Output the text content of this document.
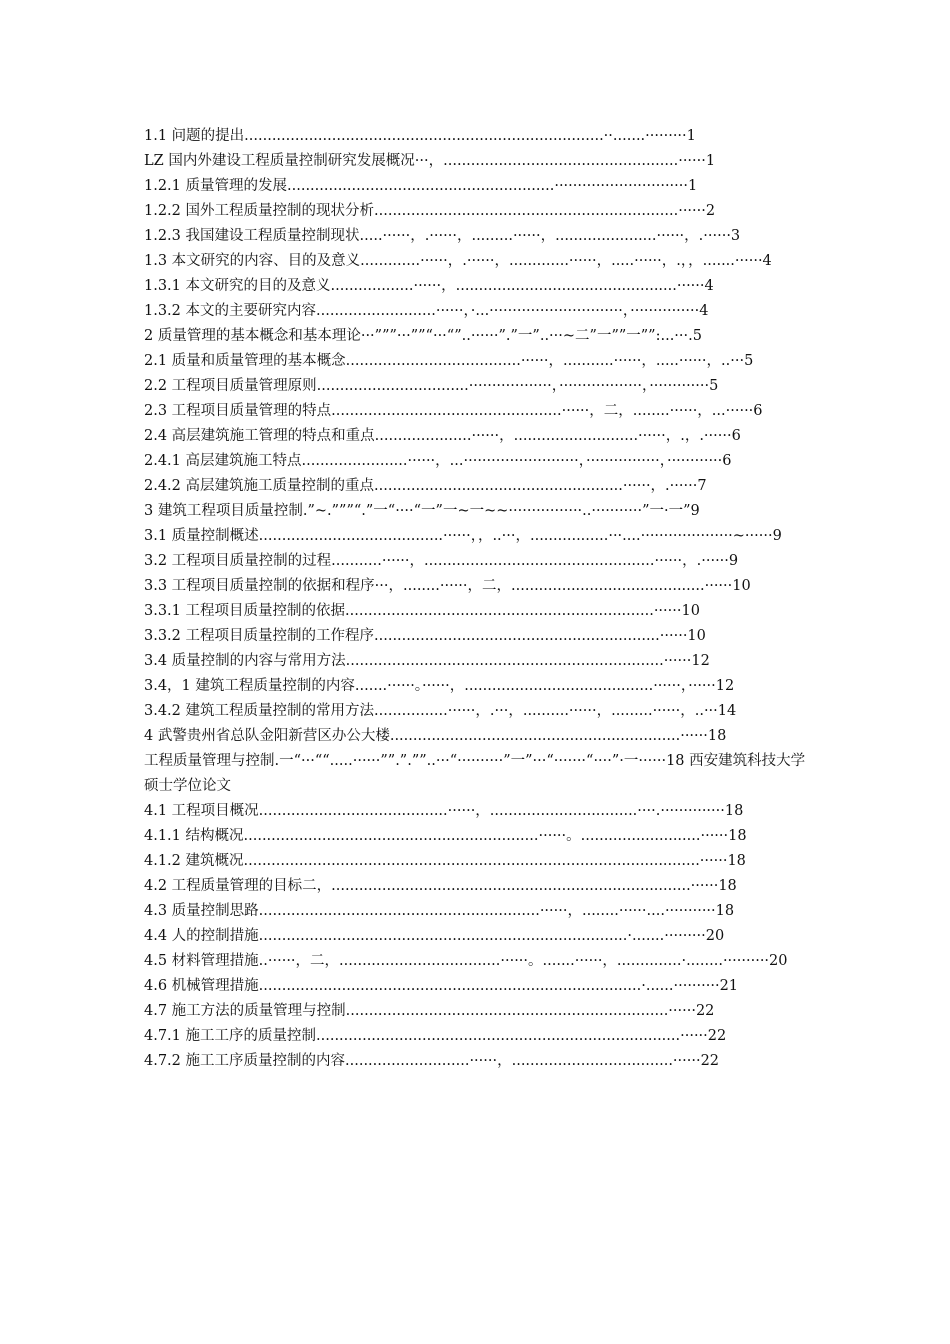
1.1 问题的提出..............................................................................··.......·········1

LZ 国内外建设工程质量控制研究发展概况···，...................................................······1

1.2.1 质量管理的发展..........................................................·····························1

1.2.2 国外工程质量控制的现状分析..................................................................······2

1.2.3 我国建设工程质量控制现状.....······，.······，.........······，......................······，.······3

1.3 本文研究的内容、目的及意义.............······，.······，.............······，.....······，.，，.......······4

1.3.1 本文研究的目的及意义..................······，................................................······4

1.3.2 本文的主要研究内容..........................······，·...·····························，···············4

2 质量管理的基本概念和基本理论···”””···””“···“”..······”.”一”..···~二”一””一””:...···.5

2.1 质量和质量管理的基本概念......................................······，...........······，.....······，..···5

2.2 工程项目质量管理原则.................................··················，··················，·············5

2.3 工程项目质量管理的特点..................................................······，二，........······，...······6

2.4 高层建筑施工管理的特点和重点.....................······，...........................······，.，.······6

2.4.1 高层建筑施工特点.......................······，...·························，················，············6

2.4.2 高层建筑施工质量控制的重点......................................................······，.······7

3 建筑工程项目质量控制.”~.”””“.”一“····“一”一~一~~················..···········”一·一”9

3.1 质量控制概述........................................······，，..···，.................···....····················~······9

3.2 工程项目质量控制的过程...........······，..................................................······，.······9

3.3 工程项目质量控制的依据和程序···，........······，二，..........................................······10

3.3.1 工程项目质量控制的依据...................................................................······10

3.3.2 工程项目质量控制的工作程序..............................................................······10

3.4 质量控制的内容与常用方法.....................................................................······12

3.4，1 建筑工程质量控制的内容.......······。······，.........................................······，······12

3.4.2 建筑工程质量控制的常用方法................······，.···，..........······，.........······，..···14

4 武警贵州省总队金阳新营区办公大楼...............................................................······18

工程质量管理与控制.一“···““.....······””.”.””..···“··········”一”···“·······“····”·一······18 西安建筑科技大学硕士学位论文

4.1 工程项目概况.........................................······，................................····.··············18

4.1.1 结构概况................................................................······。..........................······18

4.1.2 建筑概况...................................................................................................······18

4.2 工程质量管理的目标二，..............................................................................······18

4.3 质量控制思路.............................................................······，........······....···········18

4.4 人的控制措施................................................................................·.......·········20

4.5 材料管理措施..······，二，...................................······。.......······，..............·........··········20

4.6 机械管理措施...................................................................................·......··········21

4.7 施工方法的质量管理与控制......................................................................······22

4.7.1 施工工序的质量控制...............................................................................······22

4.7.2 施工工序质量控制的内容...........................······，...................................······22
